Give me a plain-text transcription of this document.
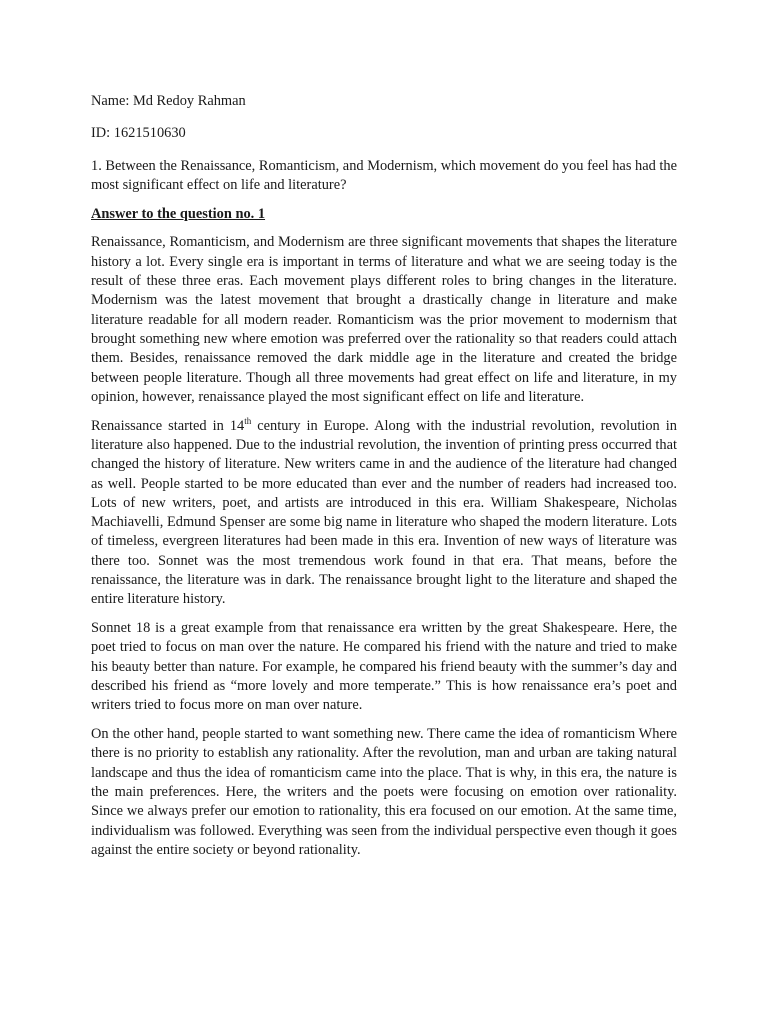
Name: Md Redoy Rahman

ID: 1621510630

1. Between the Renaissance, Romanticism, and Modernism, which movement do you feel has had the most significant effect on life and literature?

Answer to the question no. 1

Renaissance, Romanticism, and Modernism are three significant movements that shapes the literature history a lot. Every single era is important in terms of literature and what we are seeing today is the result of these three eras. Each movement plays different roles to bring changes in the literature. Modernism was the latest movement that brought a drastically change in literature and make literature readable for all modern reader. Romanticism was the prior movement to modernism that brought something new where emotion was preferred over the rationality so that readers could attach them. Besides, renaissance removed the dark middle age in the literature and created the bridge between people literature. Though all three movements had great effect on life and literature, in my opinion, however, renaissance played the most significant effect on life and literature.

Renaissance started in 14th century in Europe. Along with the industrial revolution, revolution in literature also happened. Due to the industrial revolution, the invention of printing press occurred that changed the history of literature. New writers came in and the audience of the literature had changed as well. People started to be more educated than ever and the number of readers had increased too. Lots of new writers, poet, and artists are introduced in this era. William Shakespeare, Nicholas Machiavelli, Edmund Spenser are some big name in literature who shaped the modern literature. Lots of timeless, evergreen literatures had been made in this era. Invention of new ways of literature was there too. Sonnet was the most tremendous work found in that era. That means, before the renaissance, the literature was in dark. The renaissance brought light to the literature and shaped the entire literature history.

Sonnet 18 is a great example from that renaissance era written by the great Shakespeare. Here, the poet tried to focus on man over the nature. He compared his friend with the nature and tried to make his beauty better than nature. For example, he compared his friend beauty with the summer’s day and described his friend as “more lovely and more temperate.” This is how renaissance era’s poet and writers tried to focus more on man over nature.

On the other hand, people started to want something new. There came the idea of romanticism Where there is no priority to establish any rationality. After the revolution, man and urban are taking natural landscape and thus the idea of romanticism came into the place. That is why, in this era, the nature is the main preferences. Here, the writers and the poets were focusing on emotion over rationality. Since we always prefer our emotion to rationality, this era focused on our emotion. At the same time, individualism was followed. Everything was seen from the individual perspective even though it goes against the entire society or beyond rationality.
